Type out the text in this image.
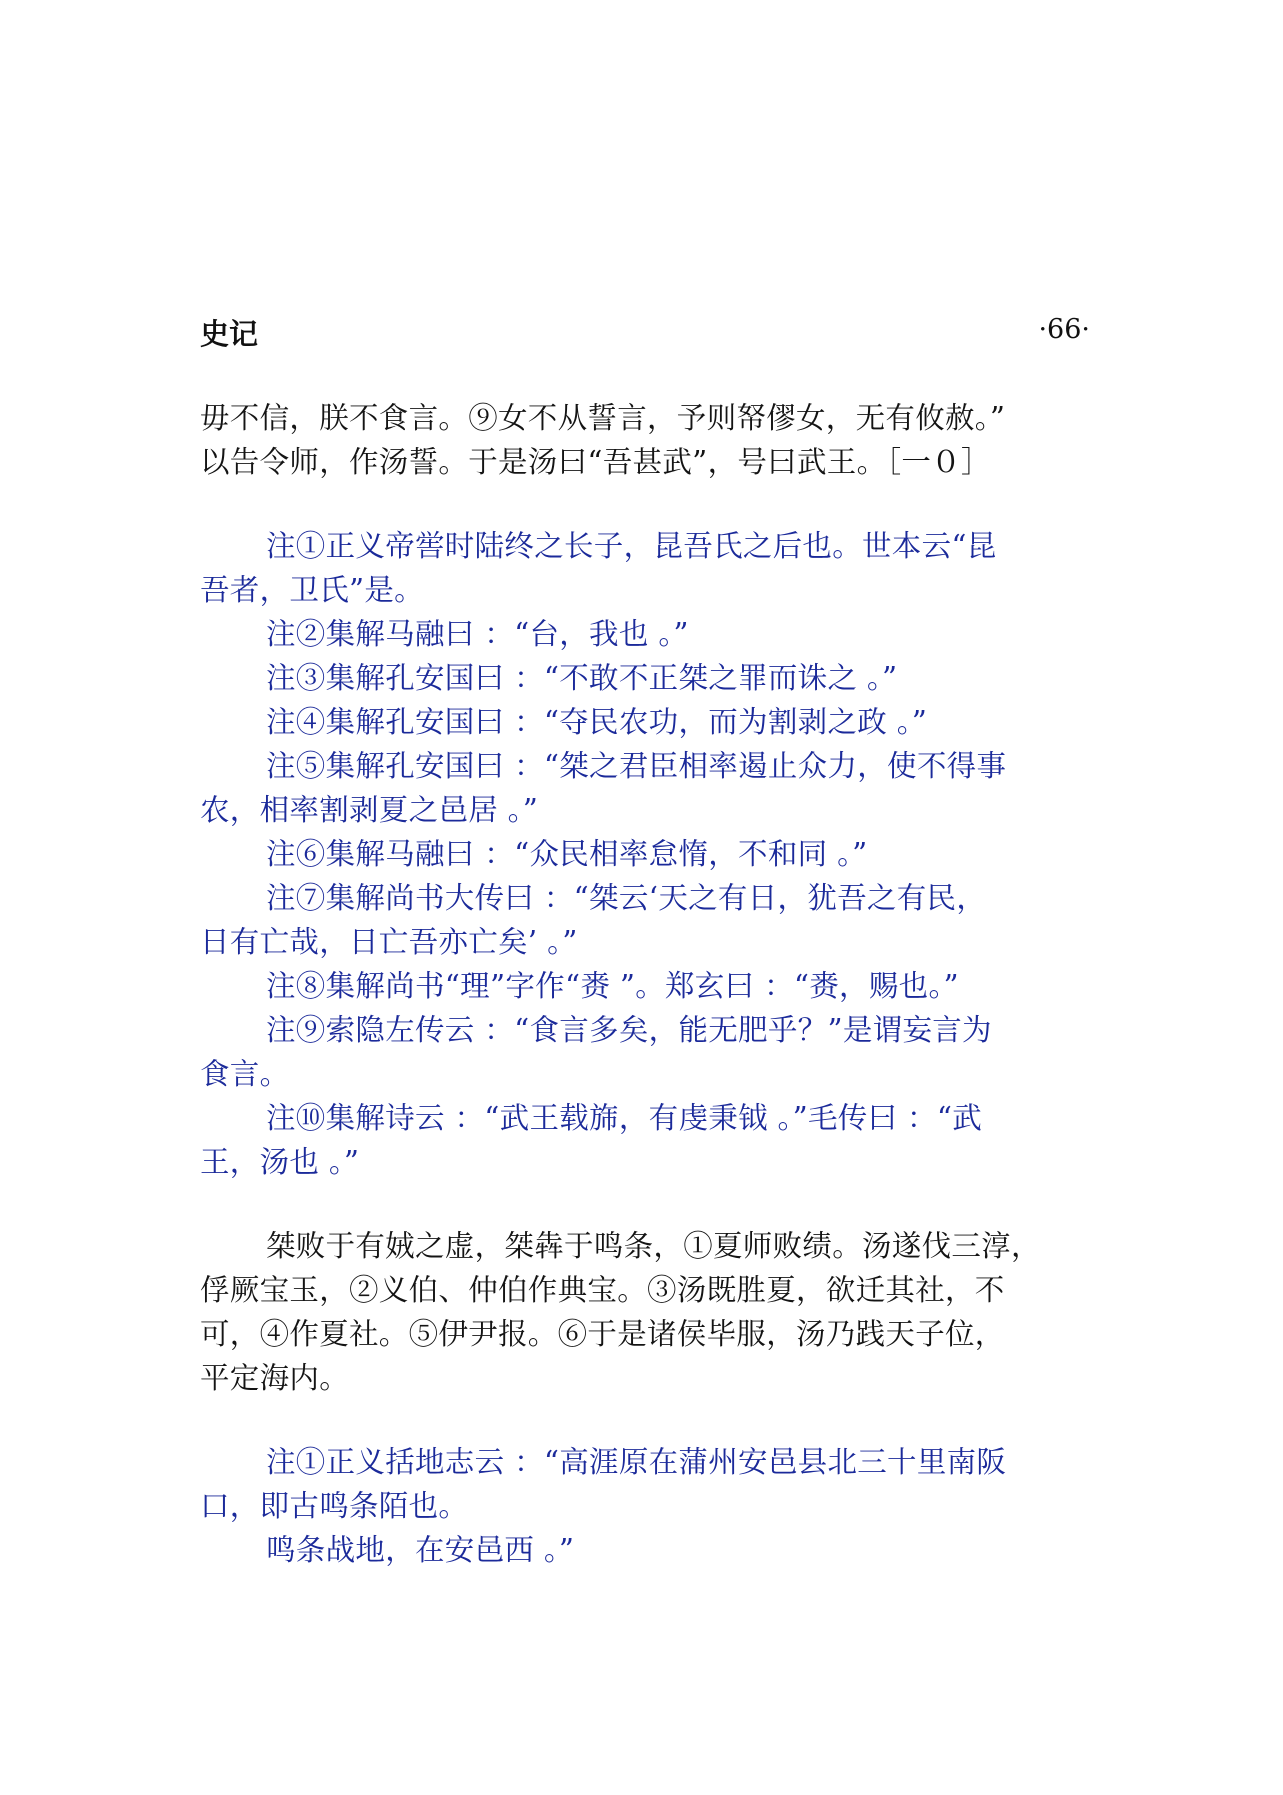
史记	·66·

毋不信，朕不食言。⑨女不从誓言，予则帑僇女，无有攸赦。”

以告令师，作汤誓。于是汤曰“吾甚武”，号曰武王。［一０］

注①正义帝喾时陆终之长子，昆吾氏之后也。世本云“昆

吾者，卫氏”是。

注②集解马融曰 ：“台，我也 。”

注③集解孔安国曰 ：“不敢不正桀之罪而诛之 。”

注④集解孔安国曰 ：“夺民农功，而为割剥之政 。”

注⑤集解孔安国曰 ：“桀之君臣相率遏止众力，使不得事

农，相率割剥夏之邑居 。”

注⑥集解马融曰 ：“众民相率怠惰，不和同 。”

注⑦集解尚书大传曰 ：“桀云‘天之有日，犹吾之有民，

日有亡哉，日亡吾亦亡矣’ 。”

注⑧集解尚书“理”字作“赉 ”。郑玄曰 ：“赉，赐也。”

注⑨索隐左传云 ：“食言多矣，能无肥乎？”是谓妄言为

食言。

注⑩集解诗云 ：“武王载旆，有虔秉钺 。”毛传曰 ：“武

王，汤也 。”

桀败于有娀之虚，桀犇于鸣条，①夏师败绩。汤遂伐三淳，

俘厥宝玉，②义伯、仲伯作典宝。③汤既胜夏，欲迁其社，不

可，④作夏社。⑤伊尹报。⑥于是诸侯毕服，汤乃践天子位，

平定海内。

注①正义括地志云 ：“高涯原在蒲州安邑县北三十里南阪

口，即古鸣条陌也。

鸣条战地，在安邑西 。”
